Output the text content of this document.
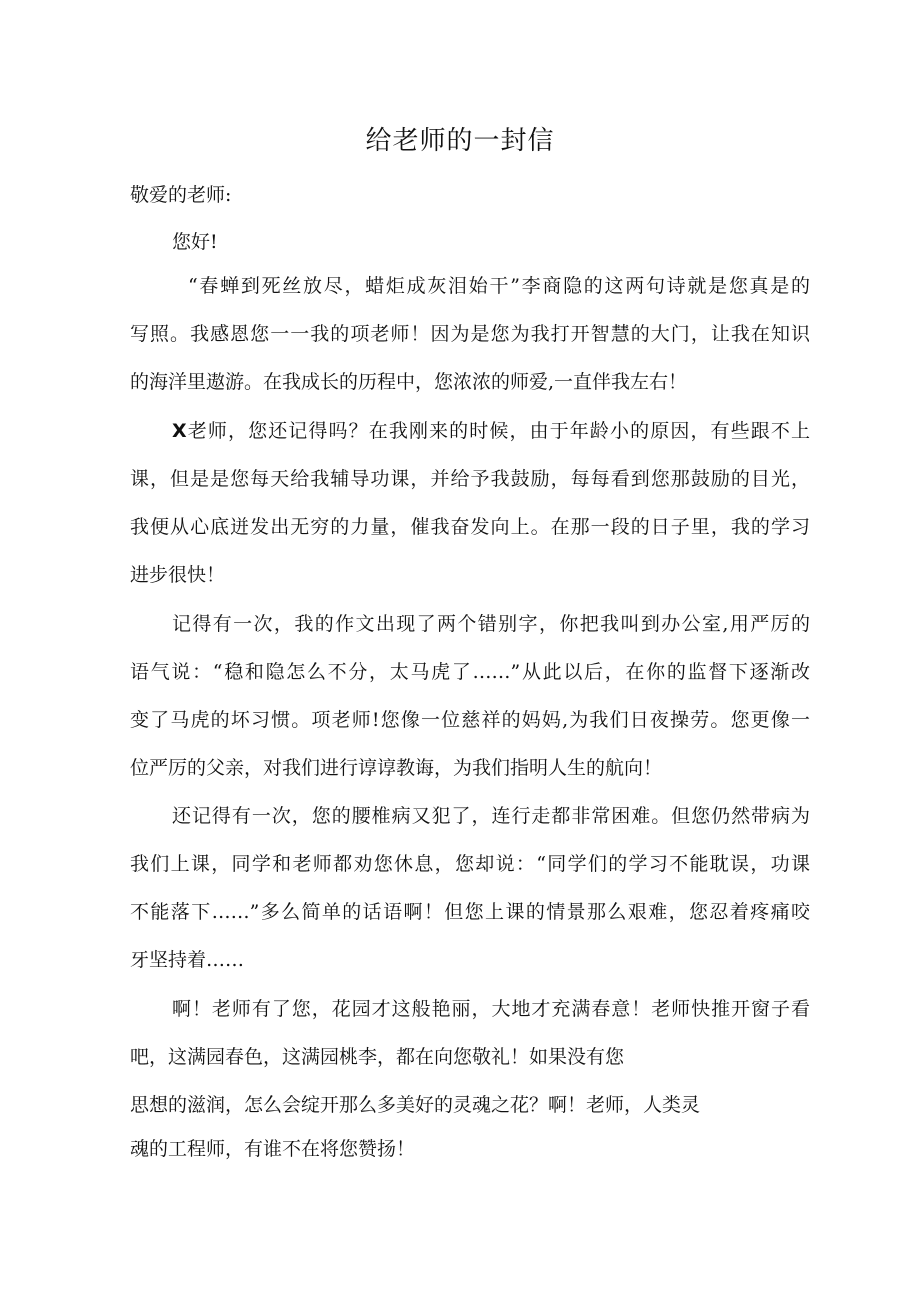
给老师的一封信

敬爱的老师:

您好!

“春蝉到死丝放尽，蜡炬成灰泪始干”李商隐的这两句诗就是您真是的
写照。我感恩您一一我的项老师！因为是您为我打开智慧的大门，让我在知识
的海洋里遨游。在我成长的历程中，您浓浓的师爱,一直伴我左右！
X老师，您还记得吗？在我刚来的时候，由于年龄小的原因，有些跟不上
课，但是是您每天给我辅导功课，并给予我鼓励，每每看到您那鼓励的目光，
我便从心底迸发出无穷的力量，催我奋发向上。在那一段的日子里，我的学习
进步很快！
记得有一次，我的作文出现了两个错别字，你把我叫到办公室,用严厉的
语气说：“稳和隐怎么不分，太马虎了……”从此以后，在你的监督下逐渐改
变了马虎的坏习惯。项老师!您像一位慈祥的妈妈,为我们日夜操劳。您更像一
位严厉的父亲，对我们进行谆谆教诲，为我们指明人生的航向！
还记得有一次，您的腰椎病又犯了，连行走都非常困难。但您仍然带病为
我们上课，同学和老师都劝您休息，您却说：“同学们的学习不能耽误，功课
不能落下……”多么简单的话语啊！但您上课的情景那么艰难，您忍着疼痛咬
牙坚持着……
啊！老师有了您，花园才这般艳丽，大地才充满春意！老师快推开窗子看
吧，这满园春色，这满园桃李，都在向您敬礼！如果没有您
思想的滋润，怎么会绽开那么多美好的灵魂之花？啊！老师，人类灵
魂的工程师，有谁不在将您赞扬！
